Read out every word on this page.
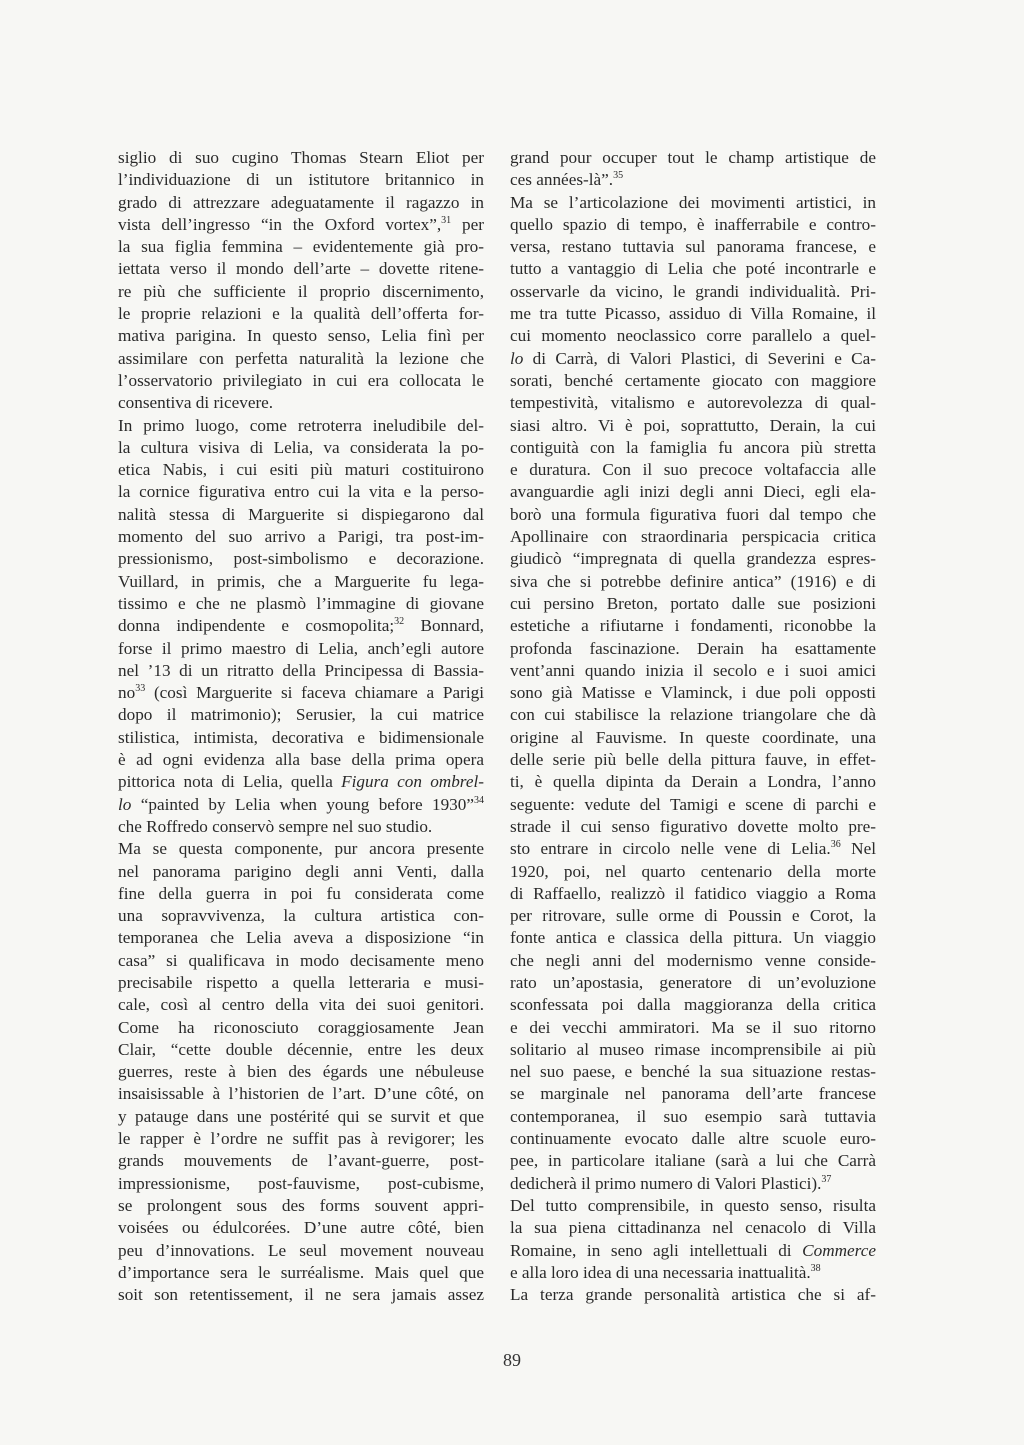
siglio di suo cugino Thomas Stearn Eliot per
l’individuazione di un istitutore britannico in
grado di attrezzare adeguatamente il ragazzo in
vista dell’ingresso “in the Oxford vortex”,$^{31}$ per
la sua figlia femmina – evidentemente già pro-
iettata verso il mondo dell’arte – dovette ritene-
re più che sufficiente il proprio discernimento,
le proprie relazioni e la qualità dell’offerta for-
mativa parigina. In questo senso, Lelia finì per
assimilare con perfetta naturalità la lezione che
l’osservatorio privilegiato in cui era collocata le
consentiva di ricevere.
In primo luogo, come retroterra ineludibile del-
la cultura visiva di Lelia, va considerata la po-
etica Nabis, i cui esiti più maturi costituirono
la cornice figurativa entro cui la vita e la perso-
nalità stessa di Marguerite si dispiegarono dal
momento del suo arrivo a Parigi, tra post-im-
pressionismo, post-simbolismo e decorazione.
Vuillard, in primis, che a Marguerite fu lega-
tissimo e che ne plasmò l’immagine di giovane
donna indipendente e cosmopolita;$^{32}$ Bonnard,
forse il primo maestro di Lelia, anch’egli autore
nel ’13 di un ritratto della Principessa di Bassia-
$no^{33}$ (così Marguerite si faceva chiamare a Parigi
dopo il matrimonio); Serusier, la cui matrice
stilistica, intimista, decorativa e bidimensionale
è ad ogni evidenza alla base della prima opera
pittorica nota di Lelia, quella Figura con ombrel-
lo “painted by Lelia when young before 1930”$^{34}$
che Roffredo conservò sempre nel suo studio.
Ma se questa componente, pur ancora presente
nel panorama parigino degli anni Venti, dalla
fine della guerra in poi fu considerata come
una sopravvivenza, la cultura artistica con-
temporanea che Lelia aveva a disposizione “in
casa” si qualificava in modo decisamente meno
precisabile rispetto a quella letteraria e musi-
cale, così al centro della vita dei suoi genitori.
Come ha riconosciuto coraggiosamente Jean
Clair, “cette double décennie, entre les deux
guerres, reste à bien des égards une nébuleuse
insaisissable à l’historien de l’art. D’une côté, on
y patauge dans une postérité qui se survit et que
le rapper è l’ordre ne suffit pas à revigorer; les
grands mouvements de l’avant-guerre, post-
impressionisme, post-fauvisme, post-cubisme,
se prolongent sous des forms souvent appri-
voisées ou édulcorées. D’une autre côté, bien
peu d’innovations. Le seul movement nouveau
d’importance sera le surréalisme. Mais quel que
soit son retentissement, il ne sera jamais assez
grand pour occuper tout le champ artistique de
ces années-là”.$^{35}$
Ma se l’articolazione dei movimenti artistici, in
quello spazio di tempo, è inafferrabile e contro-
versa, restano tuttavia sul panorama francese, e
tutto a vantaggio di Lelia che poté incontrarle e
osservarle da vicino, le grandi individualità. Pri-
me tra tutte Picasso, assiduo di Villa Romaine, il
cui momento neoclassico corre parallelo a quel-
lo di Carrà, di Valori Plastici, di Severini e Ca-
sorati, benché certamente giocato con maggiore
tempestività, vitalismo e autorevolezza di qual-
siasi altro. Vi è poi, soprattutto, Derain, la cui
contiguità con la famiglia fu ancora più stretta
e duratura. Con il suo precoce voltafaccia alle
avanguardie agli inizi degli anni Dieci, egli ela-
borò una formula figurativa fuori dal tempo che
Apollinaire con straordinaria perspicacia critica
giudicò “impregnata di quella grandezza espres-
siva che si potrebbe definire antica” (1916) e di
cui persino Breton, portato dalle sue posizioni
estetiche a rifiutarne i fondamenti, riconobbe la
profonda fascinazione. Derain ha esattamente
vent’anni quando inizia il secolo e i suoi amici
sono già Matisse e Vlaminck, i due poli opposti
con cui stabilisce la relazione triangolare che dà
origine al Fauvisme. In queste coordinate, una
delle serie più belle della pittura fauve, in effet-
ti, è quella dipinta da Derain a Londra, l’anno
seguente: vedute del Tamigi e scene di parchi e
strade il cui senso figurativo dovette molto pre-
sto entrare in circolo nelle vene di Lelia.$^{36}$ Nel
1920, poi, nel quarto centenario della morte
di Raffaello, realizzò il fatidico viaggio a Roma
per ritrovare, sulle orme di Poussin e Corot, la
fonte antica e classica della pittura. Un viaggio
che negli anni del modernismo venne conside-
rato un’apostasia, generatore di un’evoluzione
sconfessata poi dalla maggioranza della critica
e dei vecchi ammiratori. Ma se il suo ritorno
solitario al museo rimase incomprensibile ai più
nel suo paese, e benché la sua situazione restas-
se marginale nel panorama dell’arte francese
contemporanea, il suo esempio sarà tuttavia
continuamente evocato dalle altre scuole euro-
pee, in particolare italiane (sarà a lui che Carrà
dedicherà il primo numero di Valori Plastici).$^{37}$
Del tutto comprensibile, in questo senso, risulta
la sua piena cittadinanza nel cenacolo di Villa
Romaine, in seno agli intellettuali di Commerce
e alla loro idea di una necessaria inattualità.$^{38}$
La terza grande personalità artistica che si af-
89
